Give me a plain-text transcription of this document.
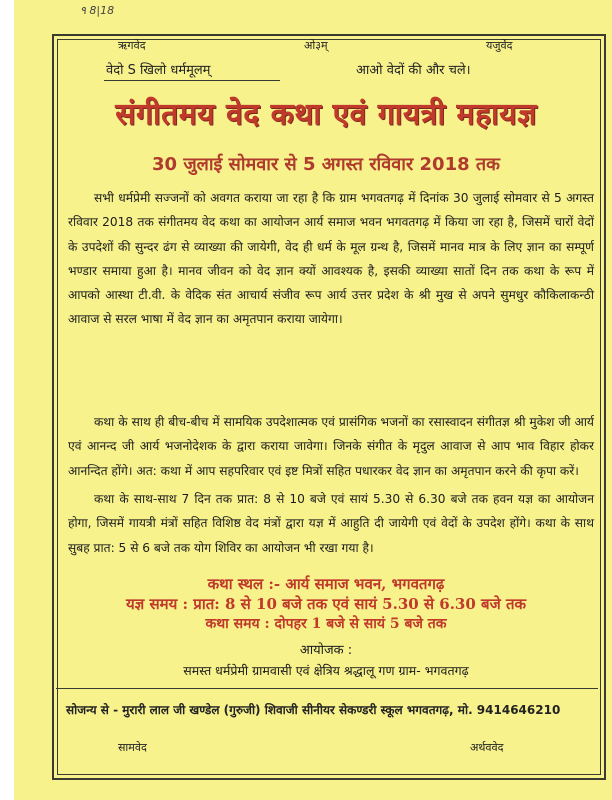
٩ 8|18
ऋगवेद	ओ३म्	यजुर्वेद
वेदो S खिलो धर्ममूलम्	आओ वेदों की और चले।
संगीतमय वेद कथा एवं गायत्री महायज्ञ
30 जुलाई सोमवार से 5 अगस्त रविवार 2018 तक
सभी धर्मप्रेमी सज्जनों को अवगत कराया जा रहा है कि ग्राम भगवतगढ़ में दिनांक 30 जुलाई सोमवार से 5 अगस्त रविवार 2018 तक संगीतमय वेद कथा का आयोजन आर्य समाज भवन भगवतगढ़ में किया जा रहा है, जिसमें चारों वेदों के उपदेशों की सुन्दर ढंग से व्याख्या की जायेगी, वेद ही धर्म के मूल ग्रन्थ है, जिसमें मानव मात्र के लिए ज्ञान का सम्पूर्ण भण्डार समाया हुआ है। मानव जीवन को वेद ज्ञान क्यों आवश्यक है, इसकी व्याख्या सातों दिन तक कथा के रूप में आपको आस्था टी.वी. के वेदिक संत आचार्य संजीव रूप आर्य उत्तर प्रदेश के श्री मुख से अपने सुमधुर कौकिलाकन्ठी आवाज से सरल भाषा में वेद ज्ञान का अमृतपान कराया जायेगा।
कथा के साथ ही बीच-बीच में सामयिक उपदेशात्मक एवं प्रासंगिक भजनों का रसास्वादन संगीतज्ञ श्री मुकेश जी आर्य एवं आनन्द जी आर्य भजनोदेशक के द्वारा कराया जावेगा। जिनके संगीत के मृदुल आवाज से आप भाव विहार होकर आनन्दित होंगे। अत: कथा में आप सहपरिवार एवं इष्ट मित्रों सहित पधारकर वेद ज्ञान का अमृतपान करने की कृपा करें।
कथा के साथ-साथ 7 दिन तक प्रात: 8 से 10 बजे एवं सायं 5.30 से 6.30 बजे तक हवन यज्ञ का आयोजन होगा, जिसमें गायत्री मंत्रों सहित विशिष्ठ वेद मंत्रों द्वारा यज्ञ में आहुति दी जायेगी एवं वेदों के उपदेश होंगे। कथा के साथ सुबह प्रात: 5 से 6 बजे तक योग शिविर का आयोजन भी रखा गया है।
कथा स्थल :- आर्य समाज भवन, भगवतगढ़
यज्ञ समय : प्रात: 8 से 10 बजे तक एवं सायं 5.30 से 6.30 बजे तक
कथा समय : दोपहर 1 बजे से सायं 5 बजे तक
आयोजक :
समस्त धर्मप्रेमी ग्रामवासी एवं क्षेत्रिय श्रद्धालू गण ग्राम- भगवतगढ़
सोजन्य से - मुरारी लाल जी खण्डेल (गुरुजी) शिवाजी सीनीयर सेकण्डरी स्कूल भगवतगढ़, मो. 9414646210
सामवेद	अर्थववेद
